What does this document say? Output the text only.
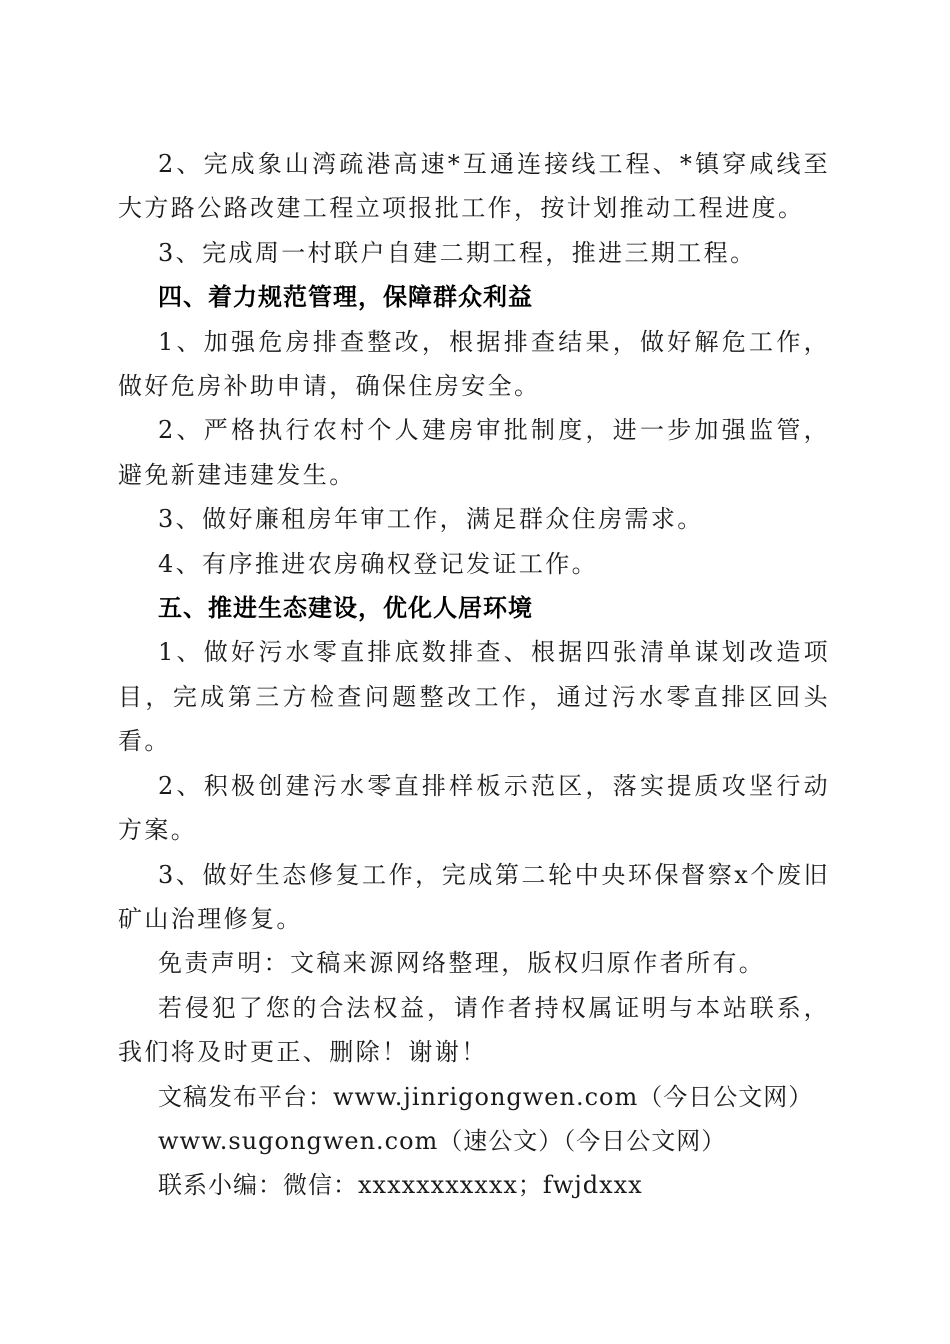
2、完成象山湾疏港高速*互通连接线工程、*镇穿咸线至大方路公路改建工程立项报批工作，按计划推动工程进度。

3、完成周一村联户自建二期工程，推进三期工程。

四、着力规范管理，保障群众利益

1、加强危房排查整改，根据排查结果，做好解危工作，做好危房补助申请，确保住房安全。

2、严格执行农村个人建房审批制度，进一步加强监管，避免新建违建发生。

3、做好廉租房年审工作，满足群众住房需求。

4、有序推进农房确权登记发证工作。

五、推进生态建设，优化人居环境

1、做好污水零直排底数排查、根据四张清单谋划改造项目，完成第三方检查问题整改工作，通过污水零直排区回头看。

2、积极创建污水零直排样板示范区，落实提质攻坚行动方案。

3、做好生态修复工作，完成第二轮中央环保督察x个废旧矿山治理修复。

免责声明：文稿来源网络整理，版权归原作者所有。

若侵犯了您的合法权益，请作者持权属证明与本站联系，我们将及时更正、删除！谢谢！

文稿发布平台：www.jinrigongwen.com（今日公文网）

www.sugongwen.com（速公文）（今日公文网）

联系小编：微信：xxxxxxxxxxx；fwjdxxx
